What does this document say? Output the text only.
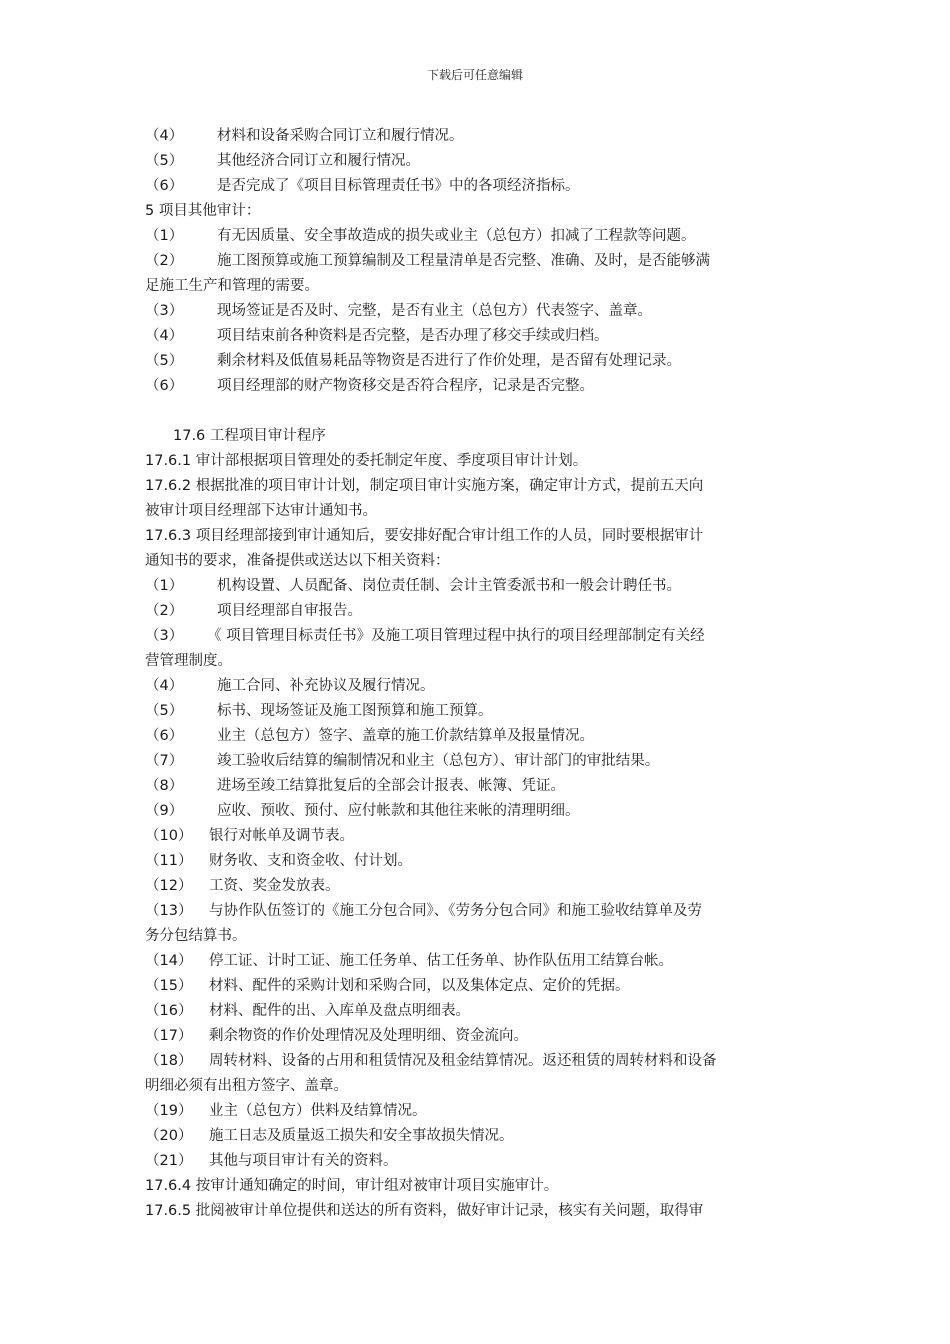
下载后可任意编辑
（4） 材料和设备采购合同订立和履行情况。
（5） 其他经济合同订立和履行情况。
（6） 是否完成了《项目目标管理责任书》中的各项经济指标。
5 项目其他审计：
（1） 有无因质量、安全事故造成的损失或业主（总包方）扣减了工程款等问题。
（2） 施工图预算或施工预算编制及工程量清单是否完整、准确、及时，是否能够满
足施工生产和管理的需要。
（3） 现场签证是否及时、完整，是否有业主（总包方）代表签字、盖章。
（4） 项目结束前各种资料是否完整，是否办理了移交手续或归档。
（5） 剩余材料及低值易耗品等物资是否进行了作价处理，是否留有处理记录。
（6） 项目经理部的财产物资移交是否符合程序，记录是否完整。
17.6 工程项目审计程序
17.6.1 审计部根据项目管理处的委托制定年度、季度项目审计计划。
17.6.2 根据批准的项目审计计划，制定项目审计实施方案，确定审计方式，提前五天向
被审计项目经理部下达审计通知书。
17.6.3 项目经理部接到审计通知后，要安排好配合审计组工作的人员，同时要根据审计
通知书的要求，准备提供或送达以下相关资料：
（1） 机构设置、人员配备、岗位责任制、会计主管委派书和一般会计聘任书。
（2） 项目经理部自审报告。
（3） 《 项目管理目标责任书》及施工项目管理过程中执行的项目经理部制定有关经
营管理制度。
（4） 施工合同、补充协议及履行情况。
（5） 标书、现场签证及施工图预算和施工预算。
（6） 业主（总包方）签字、盖章的施工价款结算单及报量情况。
（7） 竣工验收后结算的编制情况和业主（总包方）、审计部门的审批结果。
（8） 进场至竣工结算批复后的全部会计报表、帐簿、凭证。
（9） 应收、预收、预付、应付帐款和其他往来帐的清理明细。
（10） 银行对帐单及调节表。
（11） 财务收、支和资金收、付计划。
（12） 工资、奖金发放表。
（13） 与协作队伍签订的《施工分包合同》、《劳务分包合同》和施工验收结算单及劳
务分包结算书。
（14） 停工证、计时工证、施工任务单、估工任务单、协作队伍用工结算台帐。
（15） 材料、配件的采购计划和采购合同，以及集体定点、定价的凭据。
（16） 材料、配件的出、入库单及盘点明细表。
（17） 剩余物资的作价处理情况及处理明细、资金流向。
（18） 周转材料、设备的占用和租赁情况及租金结算情况。返还租赁的周转材料和设备
明细必须有出租方签字、盖章。
（19） 业主（总包方）供料及结算情况。
（20） 施工日志及质量返工损失和安全事故损失情况。
（21） 其他与项目审计有关的资料。
17.6.4 按审计通知确定的时间，审计组对被审计项目实施审计。
17.6.5 批阅被审计单位提供和送达的所有资料，做好审计记录，核实有关问题，取得审
